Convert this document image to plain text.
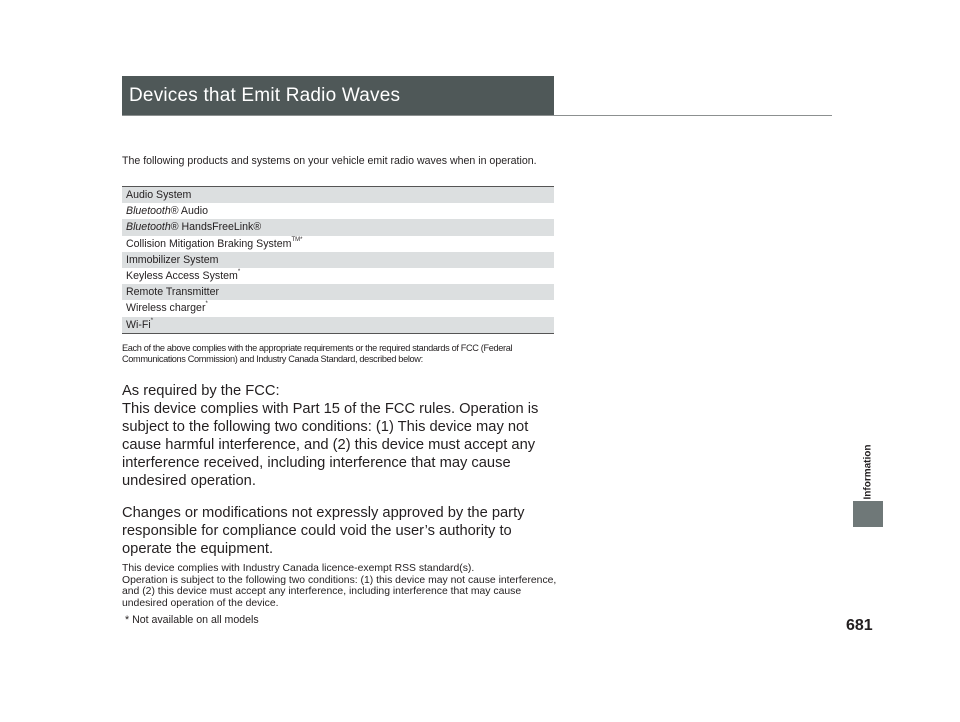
Devices that Emit Radio Waves
The following products and systems on your vehicle emit radio waves when in operation.
Audio System
Bluetooth® Audio
Bluetooth® HandsFreeLink®
Collision Mitigation Braking System$^{TM*}$
Immobilizer System
Keyless Access System*
Remote Transmitter
Wireless charger*
Wi-Fi*
Each of the above complies with the appropriate requirements or the required standards of FCC (Federal Communications Commission) and Industry Canada Standard, described below:

As required by the FCC:

This device complies with Part 15 of the FCC rules. Operation is subject to the following two conditions: (1) This device may not cause harmful interference, and (2) this device must accept any interference received, including interference that may cause undesired operation.

Changes or modifications not expressly approved by the party responsible for compliance could void the user’s authority to operate the equipment.

This device complies with Industry Canada licence-exempt RSS standard(s).

Operation is subject to the following two conditions: (1) this device may not cause interference, and (2) this device must accept any interference, including interference that may cause undesired operation of the device.

* Not available on all models	681
Information
